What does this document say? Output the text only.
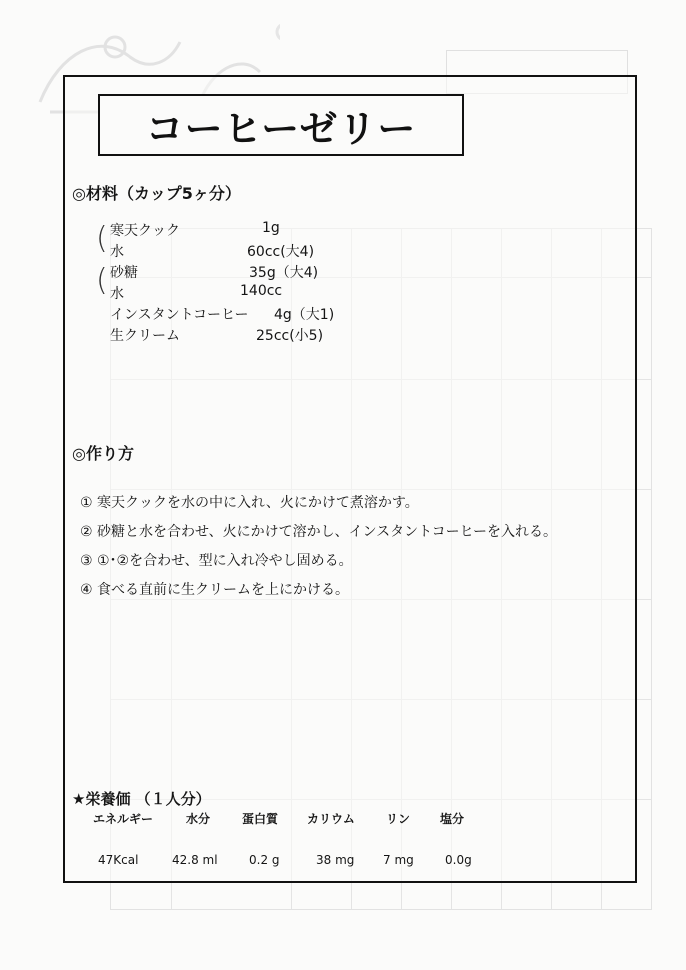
コーヒーゼリー
◎材料（カップ5ヶ分）
(
(
寒天クック	1g
水	60cc(大4)
砂糖	35g（大4)
水	140cc
インスタントコーヒー 4g（大1)
生クリーム	25cc(小5)
◎作り方
① 寒天クックを水の中に入れ、火にかけて煮溶かす。
② 砂糖と水を合わせ、火にかけて溶かし、インスタントコーヒーを入れる。
③ ①･②を合わせ、型に入れ冷やし固める。
④ 食べる直前に生クリームを上にかける。
★栄養価 （１人分）
エネルギー	水分	蛋白質 カリウム	リン 塩分
47Kcal	42.8 ml	0.2 g	38 mg 7 mg	0.0g
